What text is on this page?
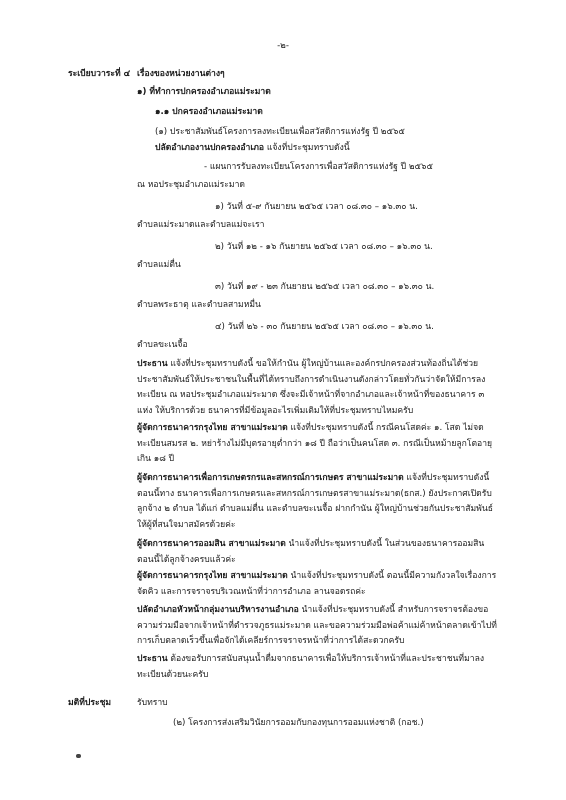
-๒-
ระเบียบวาระที่ ๔ เรื่องของหน่วยงานต่างๆ
๑) ที่ทำการปกครองอำเภอแม่ระมาด
๑.๑ ปกครองอำเภอแม่ระมาด
(๑) ประชาสัมพันธ์โครงการลงทะเบียนเพื่อสวัสดิการแห่งรัฐ ปี ๒๕๖๕
ปลัดอำเภองานปกครองอำเภอ แจ้งที่ประชุมทราบดังนี้
- แผนการรับลงทะเบียนโครงการเพื่อสวัสดิการแห่งรัฐ ปี ๒๕๖๕
ณ หอประชุมอำเภอแม่ระมาด
๑) วันที่ ๕-๙ กันยายน ๒๕๖๕ เวลา ๐๘.๓๐ – ๑๖.๓๐ น.
ตำบลแม่ระมาดและตำบลแม่จะเรา
๒) วันที่ ๑๒ - ๑๖ กันยายน ๒๕๖๕ เวลา ๐๘.๓๐ – ๑๖.๓๐ น.
ตำบลแม่ตื่น
๓) วันที่ ๑๙ - ๒๓ กันยายน ๒๕๖๕ เวลา ๐๘.๓๐ – ๑๖.๓๐ น.
ตำบลพระธาตุ และตำบลสามหมื่น
๔) วันที่ ๒๖ - ๓๐ กันยายน ๒๕๖๕ เวลา ๐๘.๓๐ – ๑๖.๓๐ น.
ตำบลขะเนจื้อ
ประธาน แจ้งที่ประชุมทราบดังนี้ ขอให้กำนัน ผู้ใหญ่บ้านและองค์กรปกครองส่วนท้องถิ่นได้ช่วยประชาสัมพันธ์ให้ประชาชนในพื้นที่ได้ทราบถึงการดำเนินงานดังกล่าวโดยทั่วกันว่าจัดให้มีการลงทะเบียน ณ หอประชุมอำเภอแม่ระมาด ซึ่งจะมีเจ้าหน้าที่จากอำเภอและเจ้าหน้าที่ของธนาคาร ๓ แห่ง ให้บริการด้วย ธนาคารที่มีข้อมูลอะไรเพิ่มเติมให้ที่ประชุมทราบไหมครับ
ผู้จัดการธนาคารกรุงไทย สาขาแม่ระมาด แจ้งที่ประชุมทราบดังนี้ กรณีคนโสดค่ะ ๑. โสด ไม่จดทะเบียนสมรส ๒. หย่าร้างไม่มีบุตรอายุต่ำกว่า ๑๘ ปี ถือว่าเป็นคนโสด ๓. กรณีเป็นหม้ายลูกโตอายุเกิน ๑๘ ปี
ผู้จัดการธนาคารเพื่อการเกษตรกรและสหกรณ์การเกษตร สาขาแม่ระมาด แจ้งที่ประชุมทราบดังนี้ ตอนนี้ทาง ธนาคารเพื่อการเกษตรและสหกรณ์การเกษตรสาขาแม่ระมาด(ธกส.) ยังประกาศเปิดรับลูกจ้าง ๒ ตำบล ได้แก่ ตำบลแม่ตื่น และตำบลขะเนจื้อ ฝากกำนัน ผู้ใหญ่บ้านช่วยกันประชาสัมพันธ์ให้ผู้ที่สนใจมาสมัครด้วยค่ะ
ผู้จัดการธนาคารออมสิน สาขาแม่ระมาด นำแจ้งที่ประชุมทราบดังนี้ ในส่วนของธนาคารออมสินตอนนี้ได้ลูกจ้างครบแล้วค่ะ
ผู้จัดการธนาคารกรุงไทย สาขาแม่ระมาด นำแจ้งที่ประชุมทราบดังนี้ ตอนนี้มีความกังวลใจเรื่องการจัดคิว และการจราจรบริเวณหน้าที่ว่าการอำเภอ ลานจอดรถค่ะ
ปลัดอำเภอหัวหน้ากลุ่มงานบริหารงานอำเภอ นำแจ้งที่ประชุมทราบดังนี้ สำหรับการจราจรต้องขอความร่วมมือจากเจ้าหน้าที่ตำรวจภูธรแม่ระมาด และขอความร่วมมือพ่อค้าแม่ค้าหน้าตลาดเข้าไปที่การเก็บตลาดเร็วขึ้นเพื่อจักได้เคลียร์การจราจรหน้าที่ว่าการได้สะดวกครับ
ประธาน ต้องขอรับการสนับสนุนน้ำดื่มจากธนาคารเพื่อให้บริการเจ้าหน้าที่และประชาชนที่มาลงทะเบียนด้วยนะครับ
มติที่ประชุม	รับทราบ
(๒) โครงการส่งเสริมวินัยการออมกับกองทุนการออมแห่งชาติ (กอช.)
